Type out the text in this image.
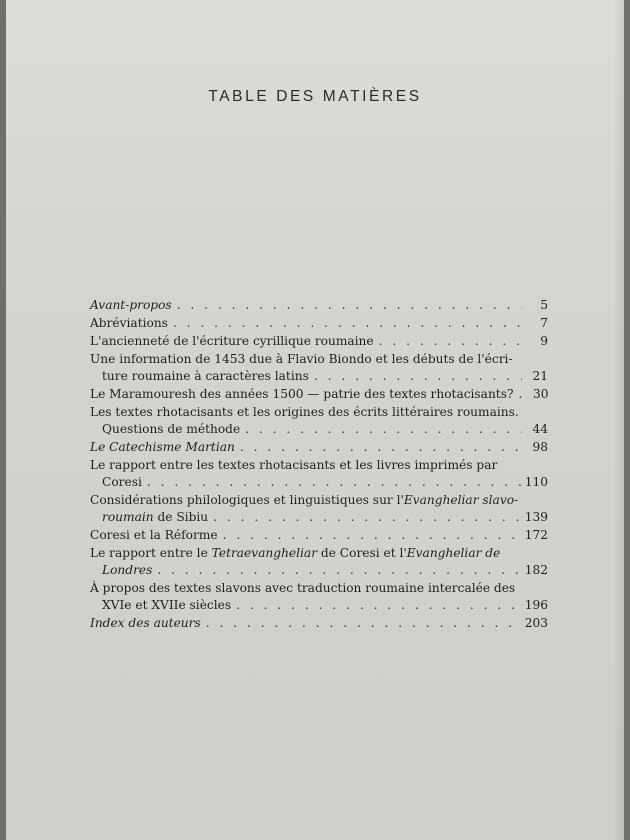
TABLE DES MATIÈRES
Avant-propos . . .	5
Abréviations . . .	7
L'ancienneté de l'écriture cyrillique roumaine . . .	9
Une information de 1453 due à Flavio Biondo et les débuts de l'écri-
ture roumaine à caractères latins . . .	21
Le Maramouresh des années 1500 — patrie des textes rhotacisants? . . .	30
Les textes rhotacisants et les origines des écrits littéraires roumains.
Questions de méthode . . .	44
Le Catechisme Martian . . .	98
Le rapport entre les textes rhotacisants et les livres imprimés par
Coresi . . .	110
Considérations philologiques et linguistiques sur l' Evangheliar slavo-
roumain de Sibiu . . .	139
Coresi et la Réforme . . .	172
Le rapport entre le Tetraevangheliar de Coresi et l' Evangheliar de
Londres . . .	182
À propos des textes slavons avec traduction roumaine intercalée des
XVIe et XVIIe siècles . . .	196
Index des auteurs . . .	203
